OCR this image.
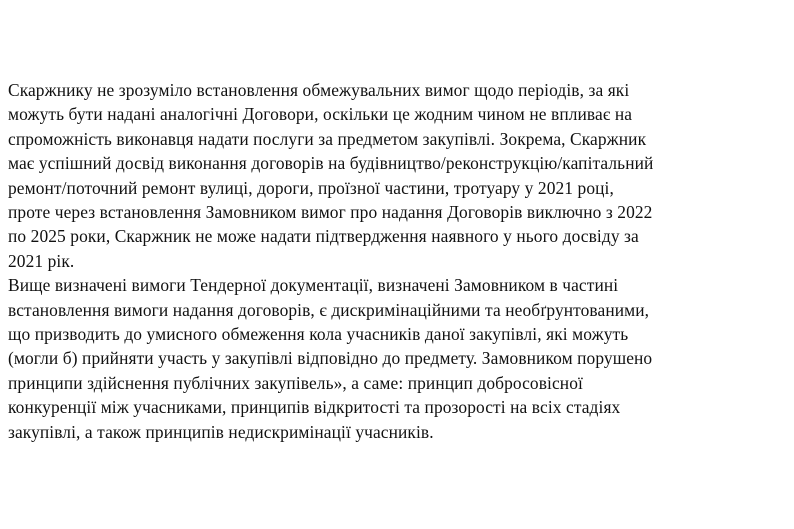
Скаржнику не зрозуміло встановлення обмежувальних вимог щодо періодів, за які
можуть бути надані аналогічні Договори, оскільки це жодним чином не впливає на
спроможність виконавця надати послуги за предметом закупівлі. Зокрема, Скаржник
має успішний досвід виконання договорів на будівництво/реконструкцію/капітальний
ремонт/поточний ремонт вулиці, дороги, проїзної частини, тротуару у 2021 році,
проте через встановлення Замовником вимог про надання Договорів виключно з 2022
по 2025 роки, Скаржник не може надати підтвердження наявного у нього досвіду за
2021 рік.
Вище визначені вимоги Тендерної документації, визначені Замовником в частині
встановлення вимоги надання договорів, є дискримінаційними та необґрунтованими,
що призводить до умисного обмеження кола учасників даної закупівлі, які можуть
(могли б) прийняти участь у закупівлі відповідно до предмету. Замовником порушено
принципи здійснення публічних закупівель», а саме: принцип добросовісної
конкуренції між учасниками, принципів відкритості та прозорості на всіх стадіях
закупівлі, а також принципів недискримінації учасників.
